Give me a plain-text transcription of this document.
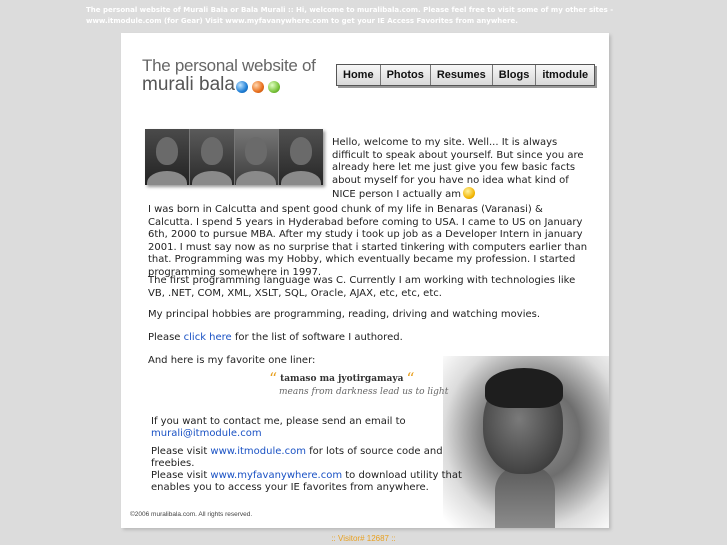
The personal website of Murali Bala or Bala Murali :: Hi, welcome to muralibala.com. Please feel free to visit some of my other sites - www.itmodule.com (for Gear) Visit www.myfavanywhere.com to get your IE Access Favorites from anywhere.
The personal website of
murali bala	Home	Photos	Resumes	Blogs	itmodule
Hello, welcome to my site. Well... It is always difficult to speak about yourself. But since you are already here let me just give you few basic facts about myself for you have no idea what kind of NICE person I actually am
I was born in Calcutta and spent good chunk of my life in Benaras (Varanasi) & Calcutta. I spend 5 years in Hyderabad before coming to USA. I came to US on January 6th, 2000 to pursue MBA. After my study i took up job as a Developer Intern in january 2001. I must say now as no surprise that i started tinkering with computers earlier than that. Programming was my Hobby, which eventually became my profession. I started programming somewhere in 1997.
The first programming language was C. Currently I am working with technologies like VB, .NET, COM, XML, XSLT, SQL, Oracle, AJAX, etc, etc, etc.
My principal hobbies are programming, reading, driving and watching movies.
Please click here for the list of software I authored.
And here is my favorite one liner:
“ tamaso ma jyotirgamaya “
means from darkness lead us to light
If you want to contact me, please send an email to
murali@itmodule.com
Please visit www.itmodule.com for lots of source code and freebies.
Please visit www.myfavanywhere.com to download utility that enables you to access your IE favorites from anywhere.
©2006 muralibala.com. All rights reserved.
:: Visitor# 12687 ::
